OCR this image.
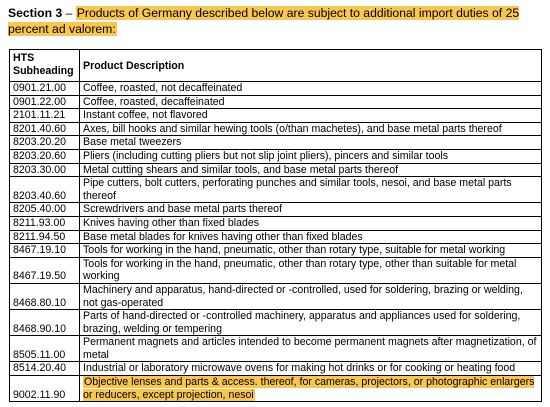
Section 3 – Products of Germany described below are subject to additional import duties of 25 percent ad valorem:
HTS Subheading	Product Description
0901.21.00	Coffee, roasted, not decaffeinated
0901.22.00	Coffee, roasted, decaffeinated
2101.11.21	Instant coffee, not flavored
8201.40.60	Axes, bill hooks and similar hewing tools (o/than machetes), and base metal parts thereof
8203.20.20	Base metal tweezers
8203.20.60	Pliers (including cutting pliers but not slip joint pliers), pincers and similar tools
8203.30.00	Metal cutting shears and similar tools, and base metal parts thereof
8203.40.60	Pipe cutters, bolt cutters, perforating punches and similar tools, nesoi, and base metal parts thereof
8205.40.00	Screwdrivers and base metal parts thereof
8211.93.00	Knives having other than fixed blades
8211.94.50	Base metal blades for knives having other than fixed blades
8467.19.10	Tools for working in the hand, pneumatic, other than rotary type, suitable for metal working
8467.19.50	Tools for working in the hand, pneumatic, other than rotary type, other than suitable for metal working
8468.80.10	Machinery and apparatus, hand-directed or -controlled, used for soldering, brazing or welding, not gas-operated
8468.90.10	Parts of hand-directed or -controlled machinery, apparatus and appliances used for soldering, brazing, welding or tempering
8505.11.00	Permanent magnets and articles intended to become permanent magnets after magnetization, of metal
8514.20.40	Industrial or laboratory microwave ovens for making hot drinks or for cooking or heating food
9002.11.90	Objective lenses and parts & access. thereof, for cameras, projectors, or photographic enlargers or reducers, except projection, nesoi
